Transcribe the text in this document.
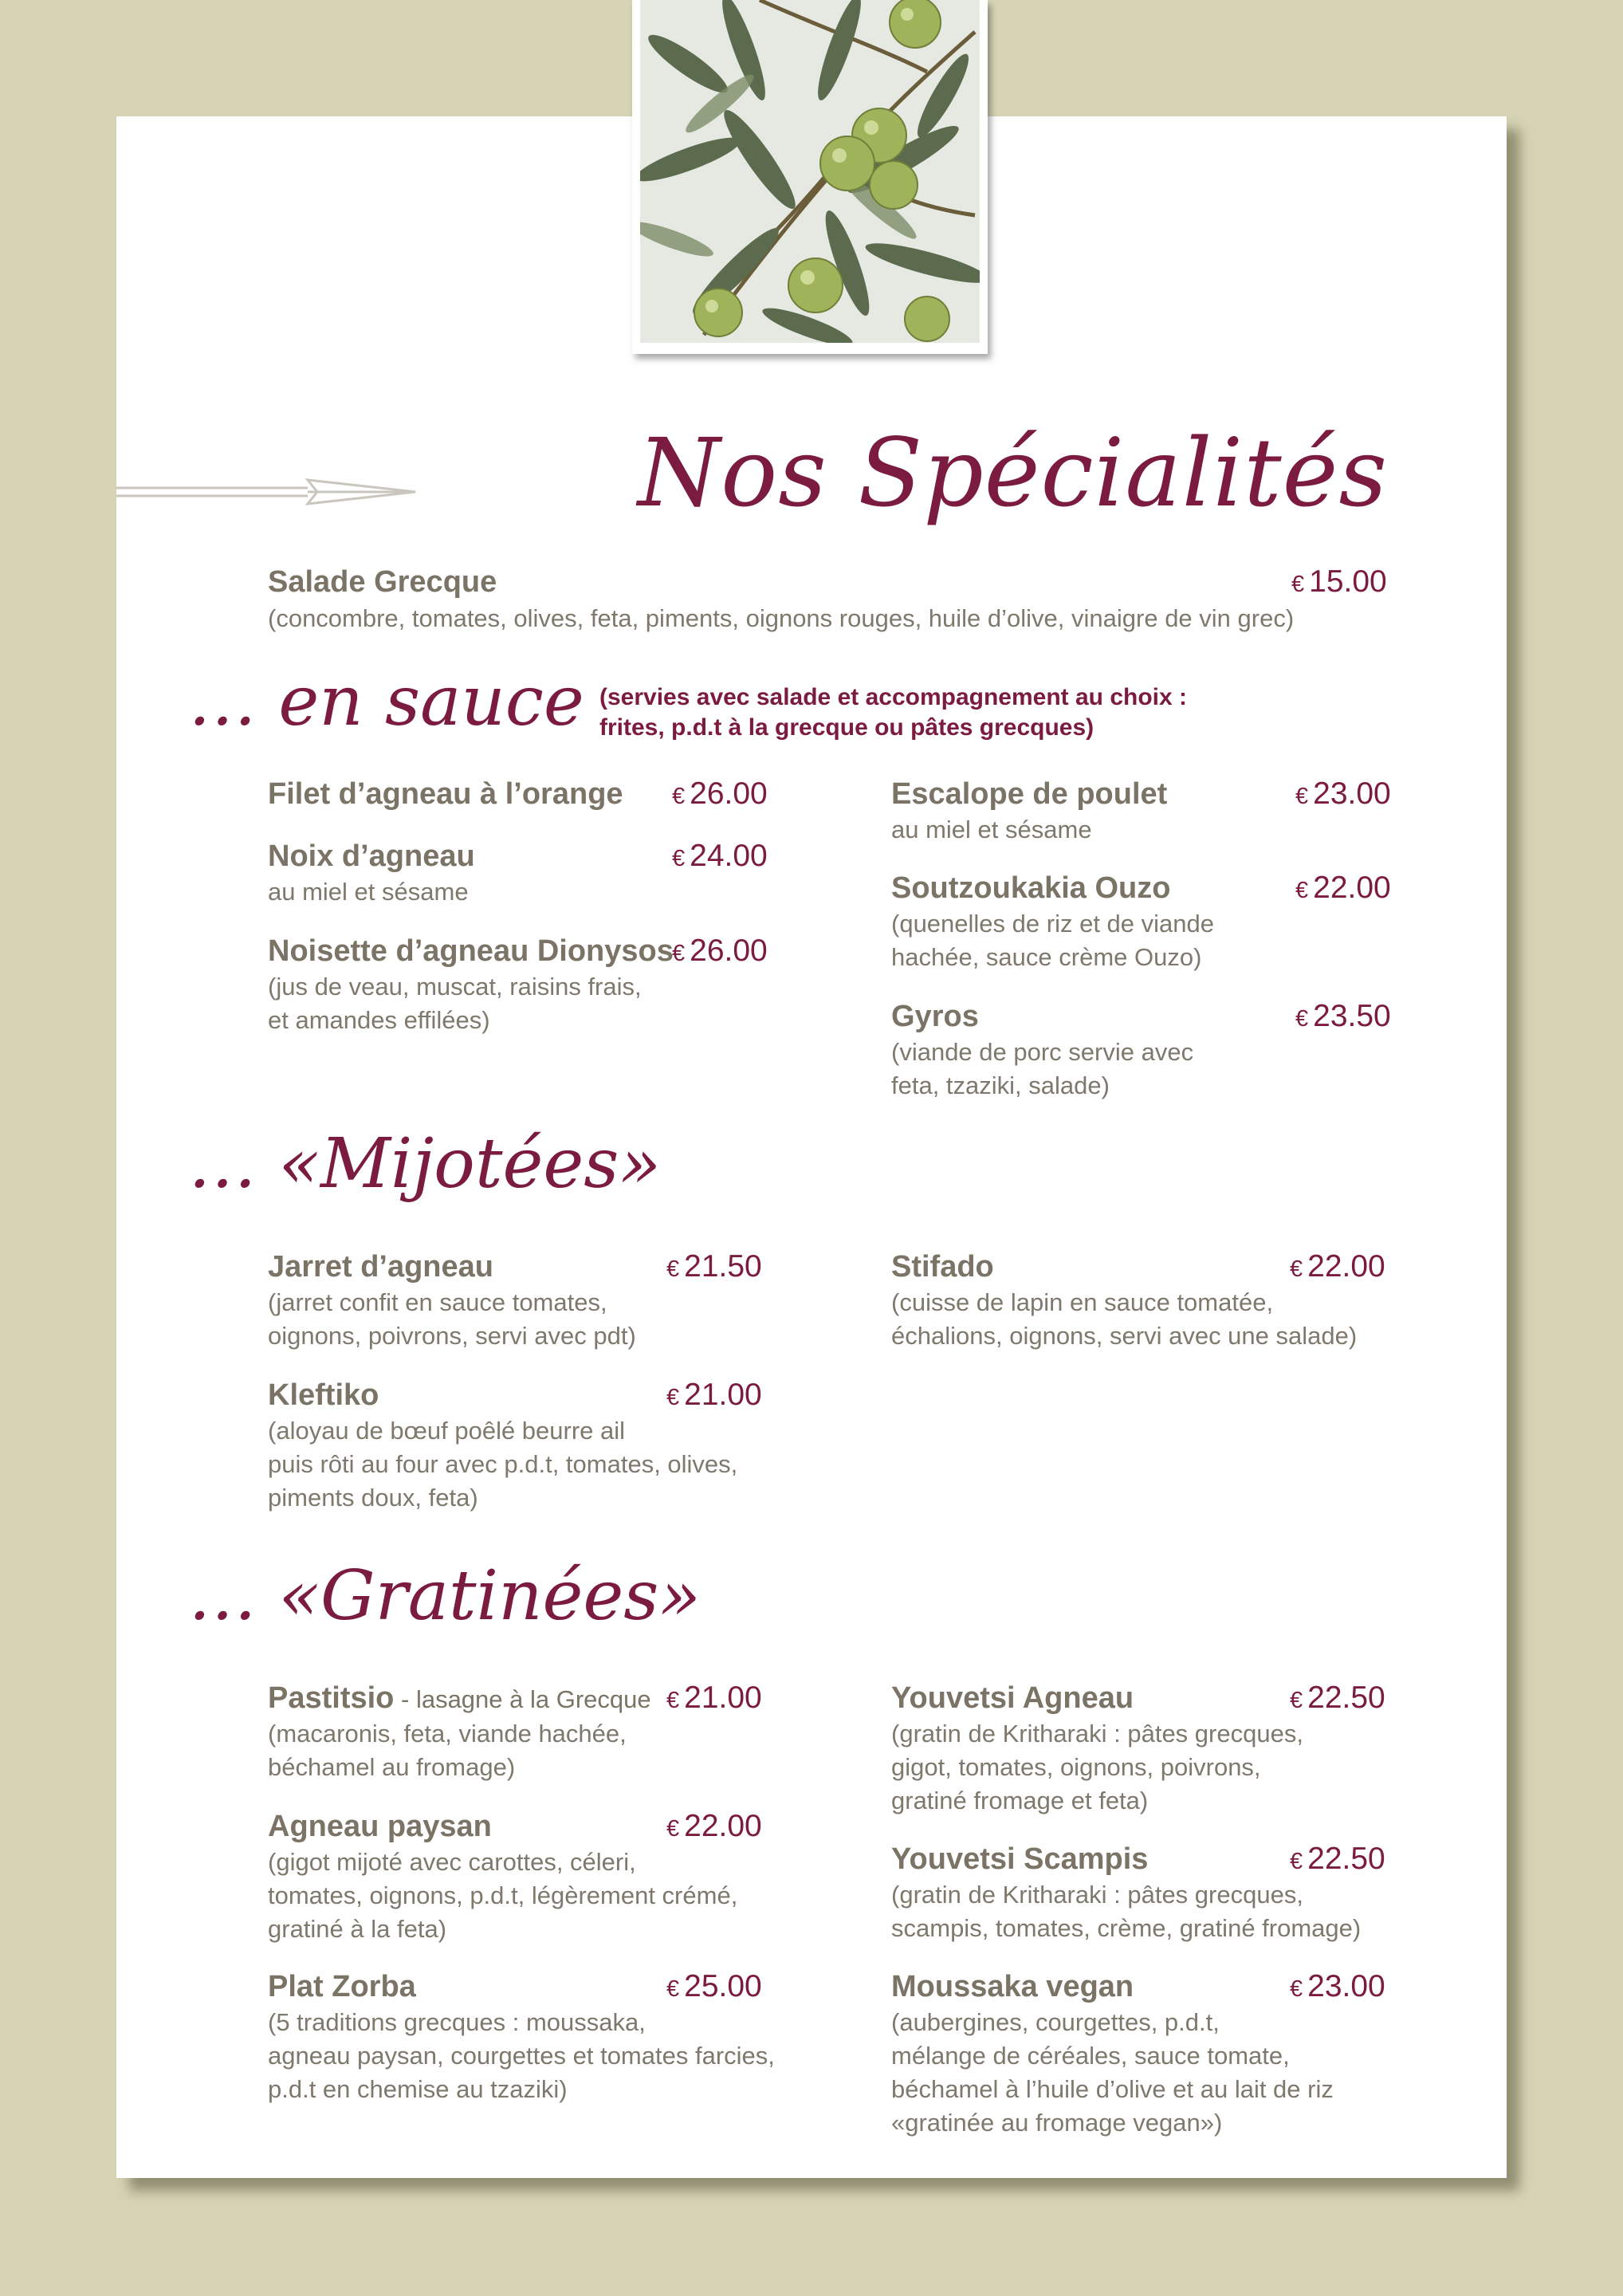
Nos Spécialités
Salade Grecque	€ 15.00
(concombre, tomates, olives, feta, piments, oignons rouges, huile d’olive, vinaigre de vin grec)
… en sauce (servies avec salade et accompagnement au choix :
frites, p.d.t à la grecque ou pâtes grecques)
Filet d’agneau à l’orange € 26.00
Noix d’agneau	€ 24.00
au miel et sésame
Noisette d’agneau Dionysos
€ 26.00
(jus de veau, muscat, raisins frais,
et amandes effilées)
Escalope de poulet	€ 23.00
au miel et sésame
Soutzoukakia Ouzo	€ 22.00
(quenelles de riz et de viande
hachée, sauce crème Ouzo)
Gyros	€ 23.50
(viande de porc servie avec
feta, tzaziki, salade)
… «Mijotées»
Jarret d’agneau	€ 21.50
(jarret confit en sauce tomates,
oignons, poivrons, servi avec pdt)
Kleftiko	€ 21.00
(aloyau de bœuf poêlé beurre ail
puis rôti au four avec p.d.t, tomates, olives,
piments doux, feta)
Stifado	€ 22.00
(cuisse de lapin en sauce tomatée,
échalions, oignons, servi avec une salade)
… «Gratinées»
Pastitsio - lasagne à la Grecque € 21.00
(macaronis, feta, viande hachée,
béchamel au fromage)
Agneau paysan	€ 22.00
(gigot mijoté avec carottes, céleri,
tomates, oignons, p.d.t, légèrement crémé,
gratiné à la feta)
Plat Zorba	€ 25.00
(5 traditions grecques : moussaka,
agneau paysan, courgettes et tomates farcies,
p.d.t en chemise au tzaziki)
Youvetsi Agneau	€ 22.50
(gratin de Kritharaki : pâtes grecques,
gigot, tomates, oignons, poivrons,
gratiné fromage et feta)
Youvetsi Scampis	€ 22.50
(gratin de Kritharaki : pâtes grecques,
scampis, tomates, crème, gratiné fromage)
Moussaka vegan	€ 23.00
(aubergines, courgettes, p.d.t,
mélange de céréales, sauce tomate,
béchamel à l’huile d’olive et au lait de riz
«gratinée au fromage vegan»)
